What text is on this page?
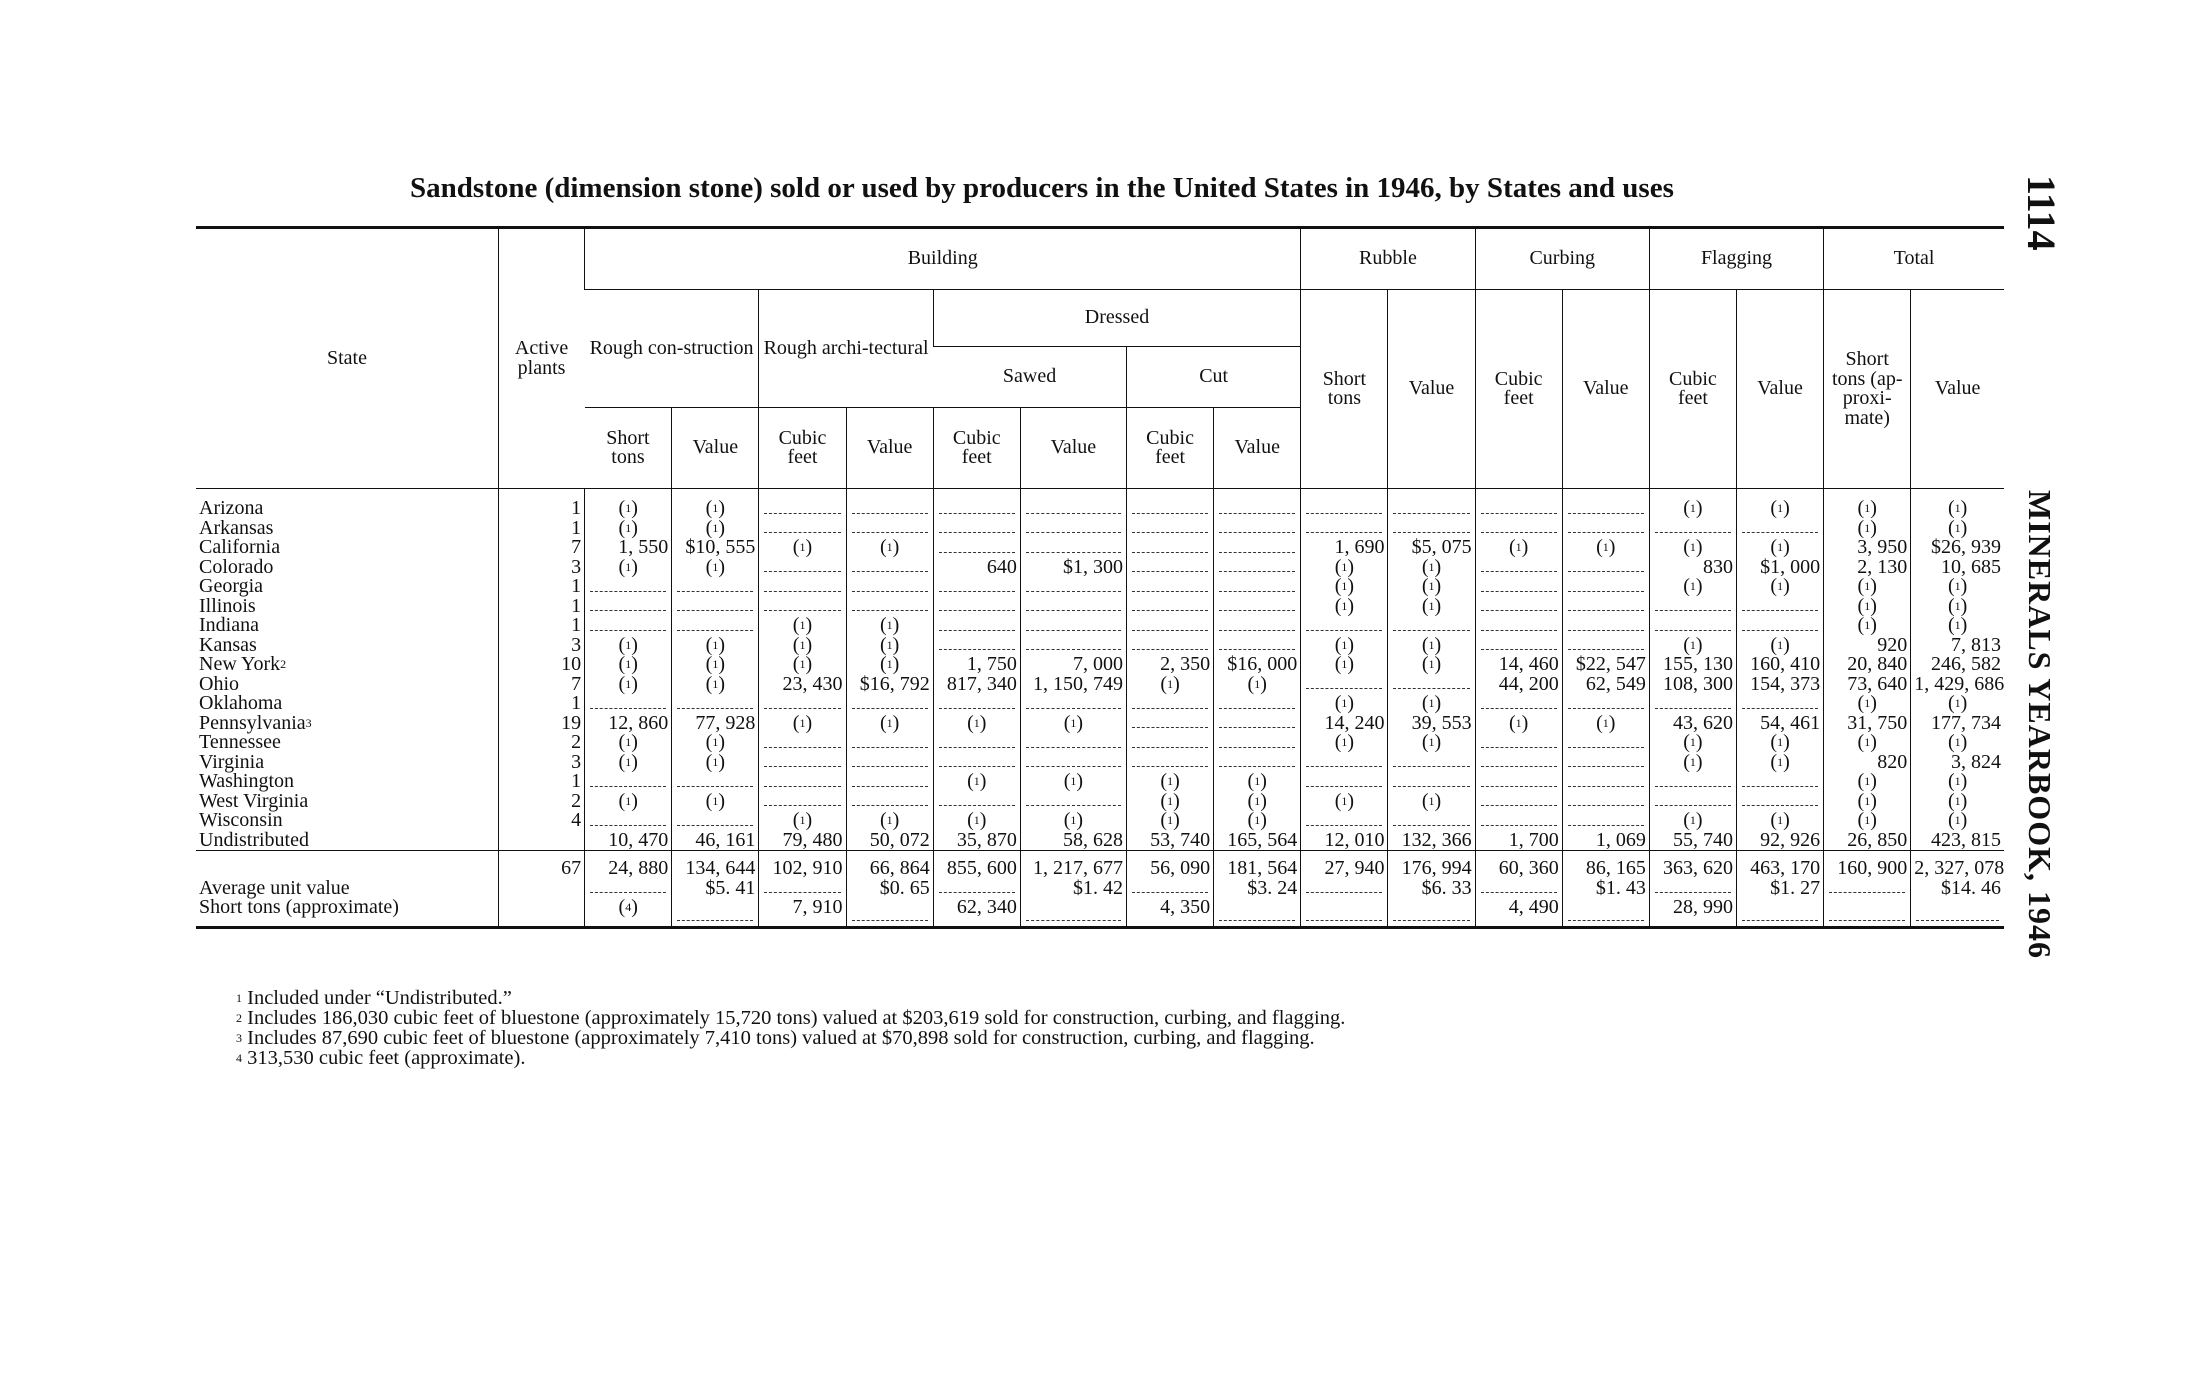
Sandstone (dimension stone) sold or used by producers in the United States in 1946, by States and uses	1114
MINERALS YEARBOOK, 1946
State	Active plants	Building								Rubble		Curbing		Flagging		Total	
		Rough con-struction		Rough archi-tectural		Dressed				Short tons	Value	Cubic feet	Value	Cubic feet	Value	Short tons (ap-proxi-mate)	Value
						Sawed		Cut									
		Short tons	Value	Cubic feet	Value	Cubic feet	Value	Cubic feet	Value								
Arizona	1	($^1$)	($^1$)											($^1$)	($^1$)	($^1$)	($^1$)
Arkansas	1	($^1$)	($^1$)													($^1$)	($^1$)
California	7	1, 550	$10, 555	($^1$)	($^1$)					1, 690	$5, 075	($^1$)	($^1$)	($^1$)	($^1$)	3, 950	$26, 939
Colorado	3	($^1$)	($^1$)			640	$1, 300			($^1$)	($^1$)			830	$1, 000	2, 130	10, 685
Georgia	1									($^1$)	($^1$)			($^1$)	($^1$)	($^1$)	($^1$)
Illinois	1									($^1$)	($^1$)					($^1$)	($^1$)
Indiana	1			($^1$)	($^1$)											($^1$)	($^1$)
Kansas	3	($^1$)	($^1$)	($^1$)	($^1$)					($^1$)	($^1$)			($^1$)	($^1$)	920	7, 813
New York$^2$	10	($^1$)	($^1$)	($^1$)	($^1$)	1, 750	7, 000	2, 350	$16, 000	($^1$)	($^1$)	14, 460	$22, 547	155, 130	160, 410	20, 840	246, 582
Ohio	7	($^1$)	($^1$)	23, 430	$16, 792	817, 340	1, 150, 749	($^1$)	($^1$)			44, 200	62, 549	108, 300	154, 373	73, 640	1, 429, 686
Oklahoma	1									($^1$)	($^1$)					($^1$)	($^1$)
Pennsylvania$^3$	19	12, 860	77, 928	($^1$)	($^1$)	($^1$)	($^1$)			14, 240	39, 553	($^1$)	($^1$)	43, 620	54, 461	31, 750	177, 734
Tennessee	2	($^1$)	($^1$)							($^1$)	($^1$)			($^1$)	($^1$)	($^1$)	($^1$)
Virginia	3	($^1$)	($^1$)											($^1$)	($^1$)	820	3, 824
Washington	1					($^1$)	($^1$)	($^1$)	($^1$)							($^1$)	($^1$)
West Virginia	2	($^1$)	($^1$)					($^1$)	($^1$)	($^1$)	($^1$)					($^1$)	($^1$)
Wisconsin	4			($^1$)	($^1$)	($^1$)	($^1$)	($^1$)	($^1$)					($^1$)	($^1$)	($^1$)	($^1$)
Undistributed		10, 470	46, 161	79, 480	50, 072	35, 870	58, 628	53, 740	165, 564	12, 010	132, 366	1, 700	1, 069	55, 740	92, 926	26, 850	423, 815
	67	24, 880	134, 644	102, 910	66, 864	855, 600	1, 217, 677	56, 090	181, 564	27, 940	176, 994	60, 360	86, 165	363, 620	463, 170	160, 900	2, 327, 078
Average unit value			$5. 41		$0. 65		$1. 42		$3. 24		$6. 33		$1. 43		$1. 27		$14. 46
Short tons (approximate)		($^4$)		7, 910		62, 340		4, 350				4, 490		28, 990	

$^1$ Included under “Undistributed.”
$^2$ Includes 186,030 cubic feet of bluestone (approximately 15,720 tons) valued at $203,619 sold for construction, curbing, and flagging.
$^3$ Includes 87,690 cubic feet of bluestone (approximately 7,410 tons) valued at $70,898 sold for construction, curbing, and flagging.
$^4$ 313,530 cubic feet (approximate).
